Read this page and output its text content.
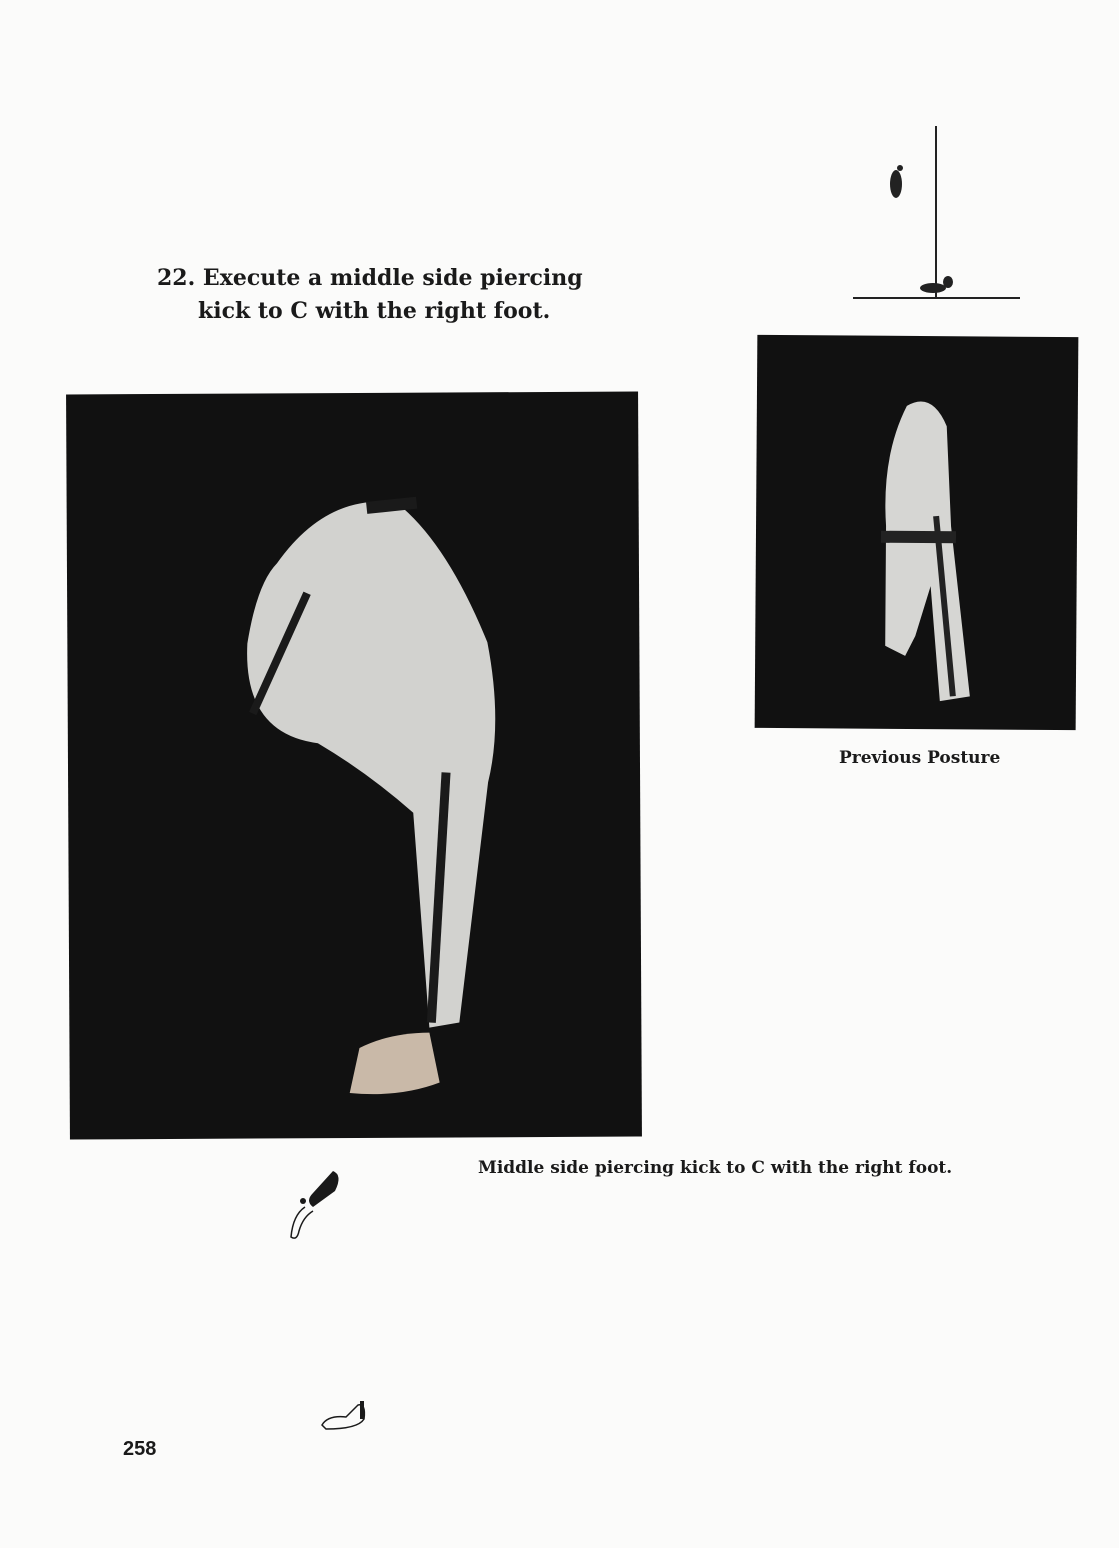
22. Execute a middle side piercing
kick to C with the right foot.
Previous Posture
Middle side piercing kick to C with the right foot.
258
